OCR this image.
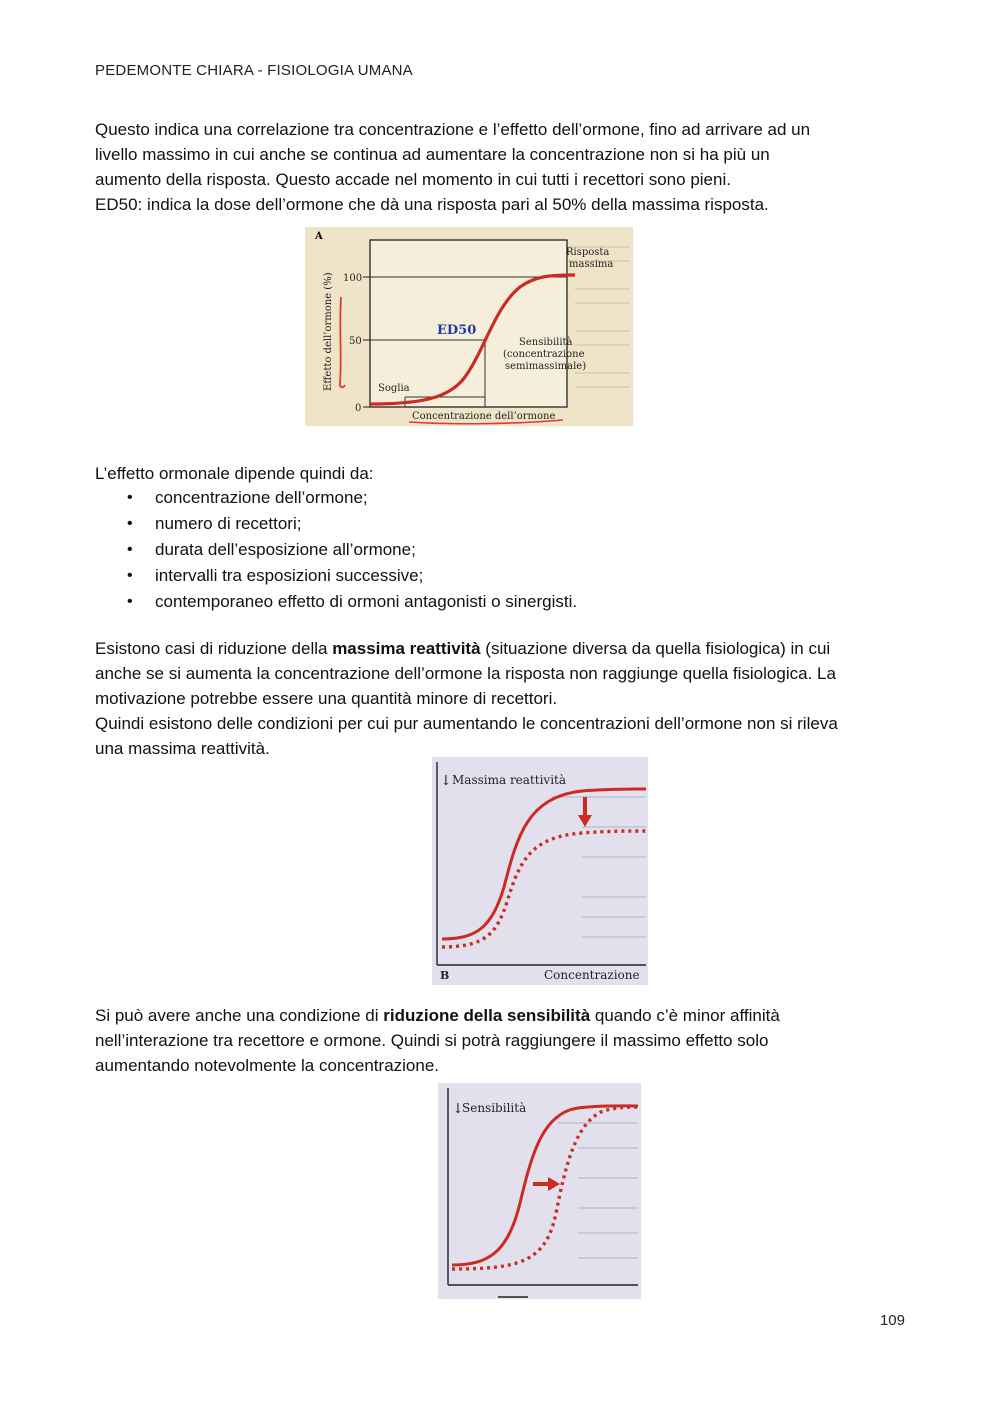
PEDEMONTE CHIARA - FISIOLOGIA UMANA

Questo indica una correlazione tra concentrazione e l’effetto dell’ormone, fino ad arrivare ad un
livello massimo in cui anche se continua ad aumentare la concentrazione non si ha più un
aumento della risposta. Questo accade nel momento in cui tutti i recettori sono pieni.
ED50: indica la dose dell’ormone che dà una risposta pari al 50% della massima risposta.

A
100
50
0
Effetto dell’ormone (%)
Risposta
massima
ED50
Sensibilità
(concentrazione
semimassimale)
Soglia
Concentrazione dell’ormone

L’effetto ormonale dipende quindi da:

• concentrazione dell’ormone;
• numero di recettori;
• durata dell’esposizione all’ormone;
• intervalli tra esposizioni successive;
• contemporaneo effetto di ormoni antagonisti o sinergisti.

Esistono casi di riduzione della massima reattività (situazione diversa da quella fisiologica) in cui
anche se si aumenta la concentrazione dell’ormone la risposta non raggiunge quella fisiologica. La
motivazione potrebbe essere una quantità minore di recettori.
Quindi esistono delle condizioni per cui pur aumentando le concentrazioni dell’ormone non si rileva
una massima reattività.

↓ Massima reattività
B	Concentrazione

Si può avere anche una condizione di riduzione della sensibilità quando c’è minor affinità
nell’interazione tra recettore e ormone. Quindi si potrà raggiungere il massimo effetto solo
aumentando notevolmente la concentrazione.

↓
Sensibilità
109
